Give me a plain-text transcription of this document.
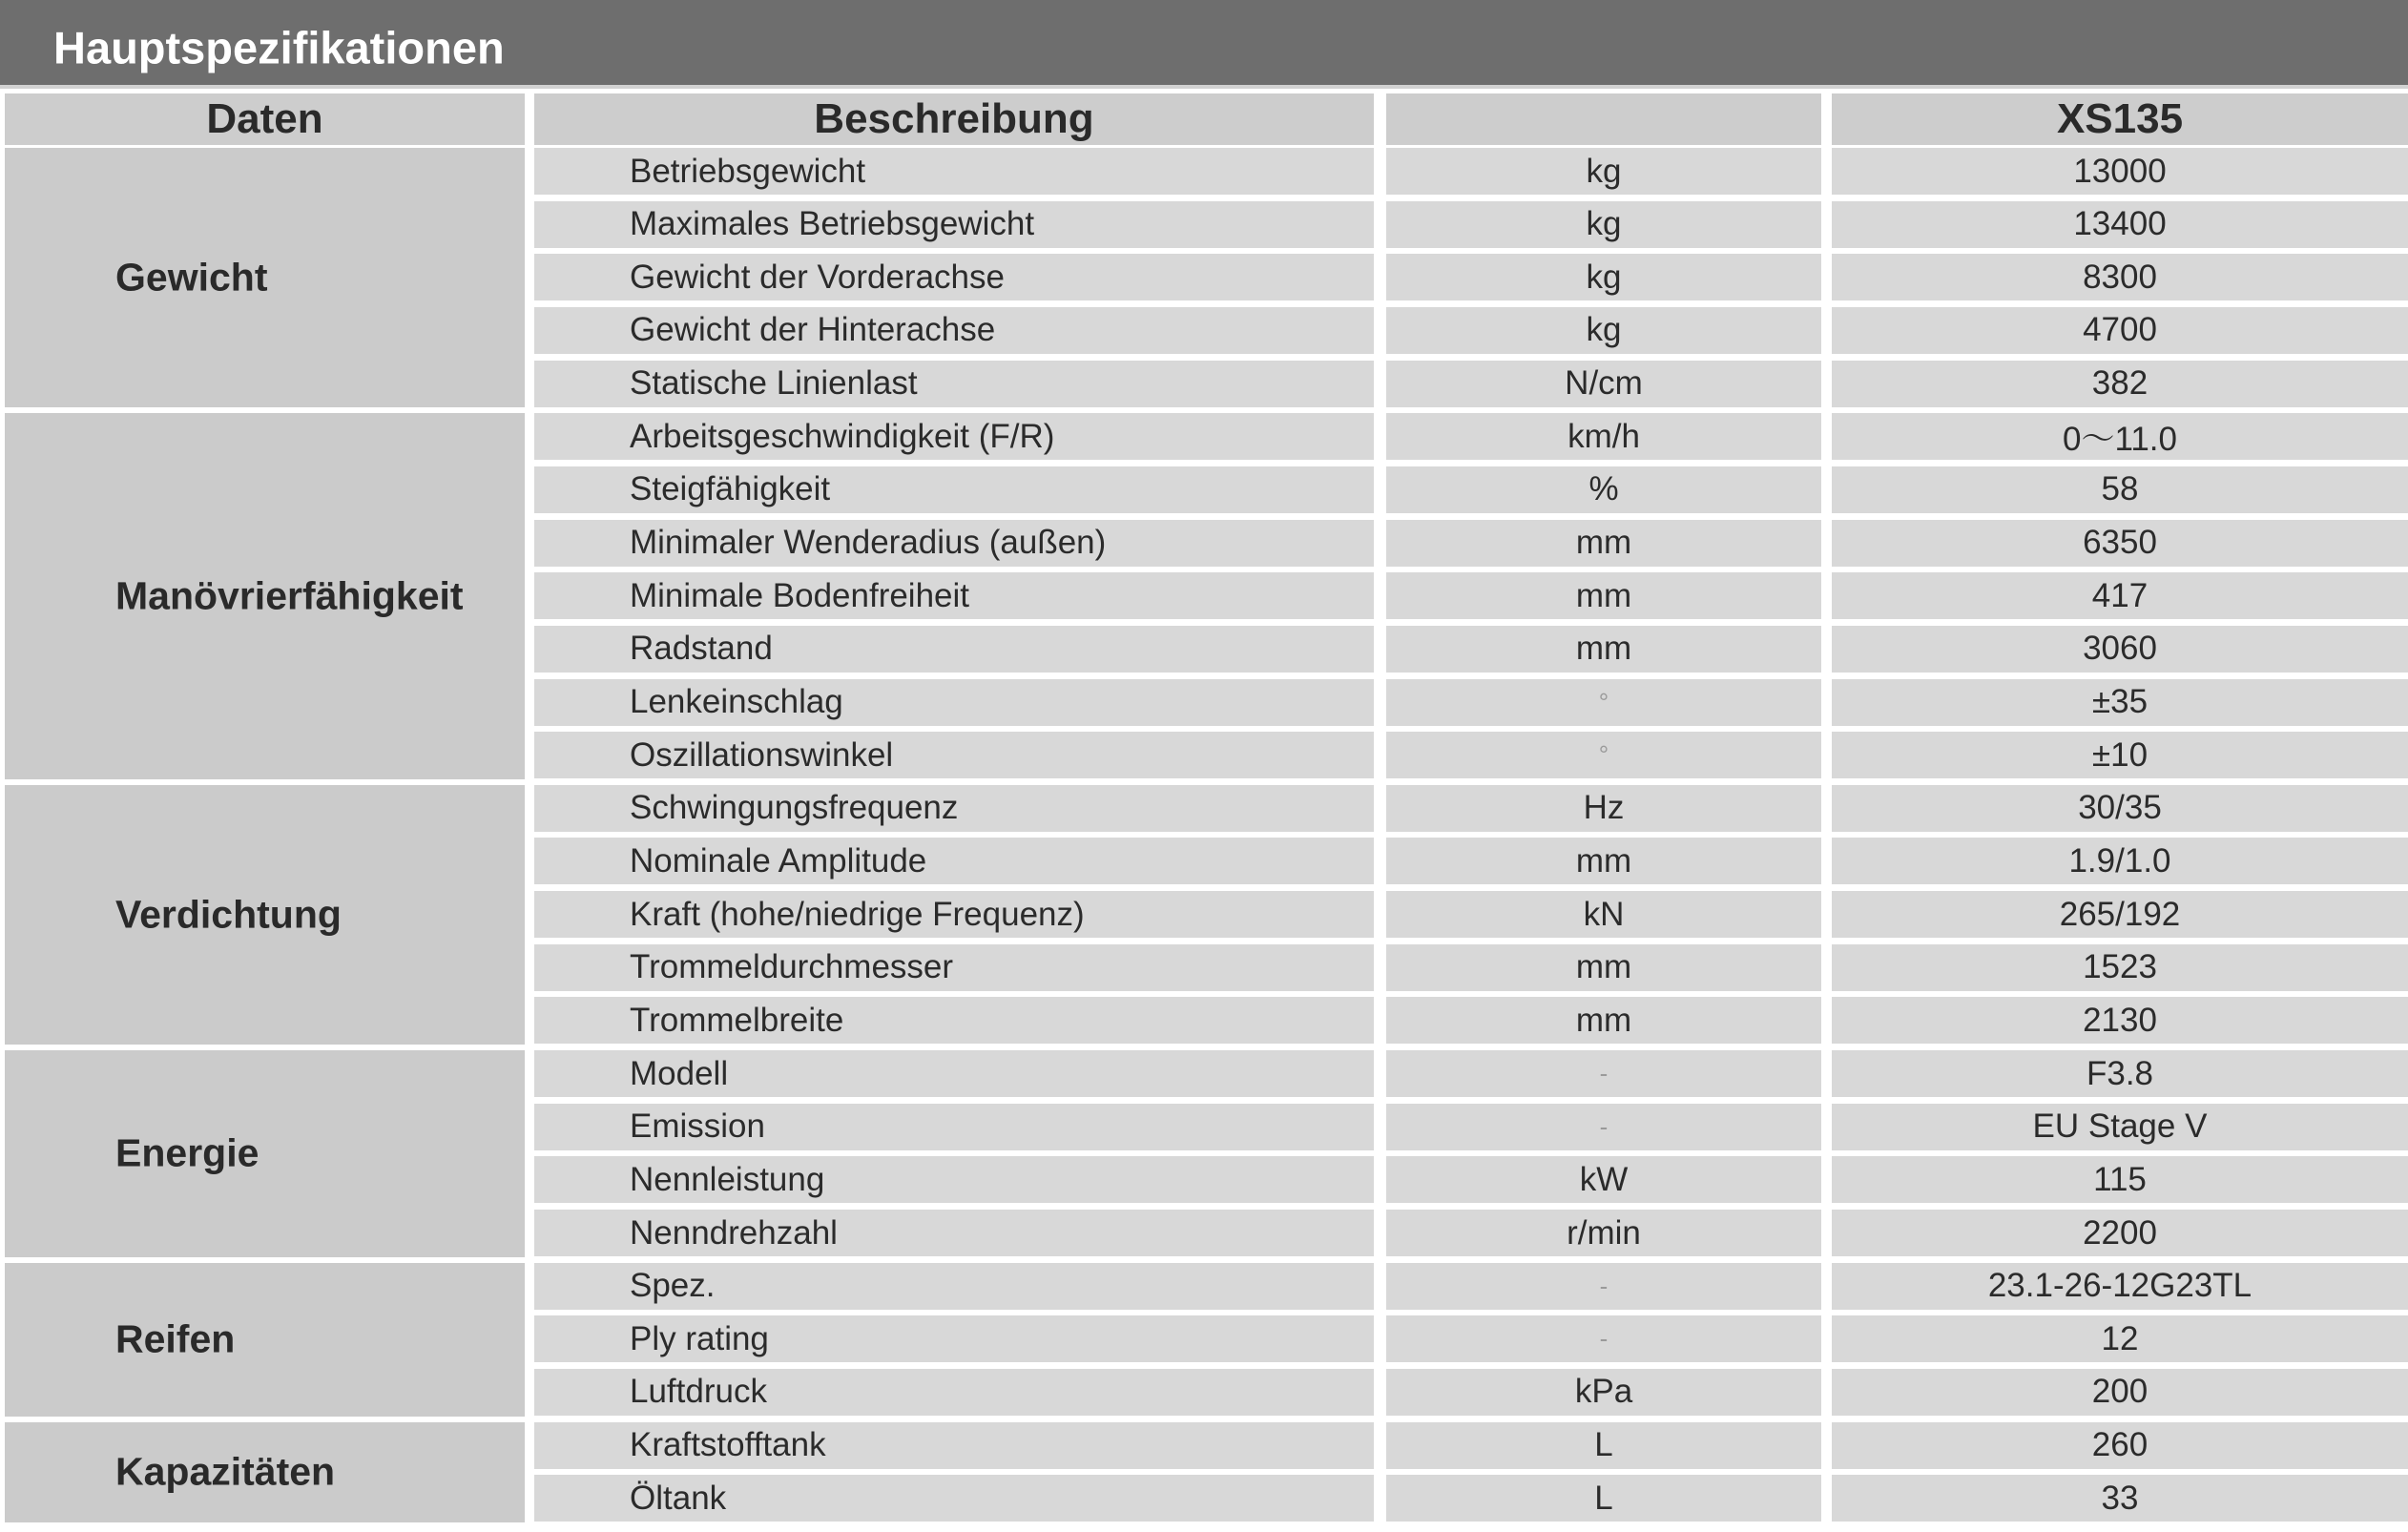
Hauptspezifikationen
Daten	Beschreibung	XS135
Gewicht
Betriebsgewicht	kg	13000
Maximales Betriebsgewicht	kg	13400
Gewicht der Vorderachse	kg	8300
Gewicht der Hinterachse	kg	4700
Statische Linienlast	N/cm	382
Manövrierfähigkeit
Arbeitsgeschwindigkeit (F/R)	km/h	0～11.0
Steigfähigkeit	%	58
Minimaler Wenderadius (außen)	mm	6350
Minimale Bodenfreiheit	mm	417
Radstand	mm	3060
Lenkeinschlag	°	±35
Oszillationswinkel	°	±10
Verdichtung
Schwingungsfrequenz	Hz	30/35
Nominale Amplitude	mm	1.9/1.0
Kraft (hohe/niedrige Frequenz)	kN	265/192
Trommeldurchmesser	mm	1523
Trommelbreite	mm	2130
Energie
Modell	-	F3.8
Emission	-	EU Stage V
Nennleistung	kW	115
Nenndrehzahl	r/min	2200
Reifen
Spez.	-	23.1-26-12G23TL
Ply rating	-	12
Luftdruck	kPa	200
Kapazitäten
Kraftstofftank	L	260
Öltank	L	33
